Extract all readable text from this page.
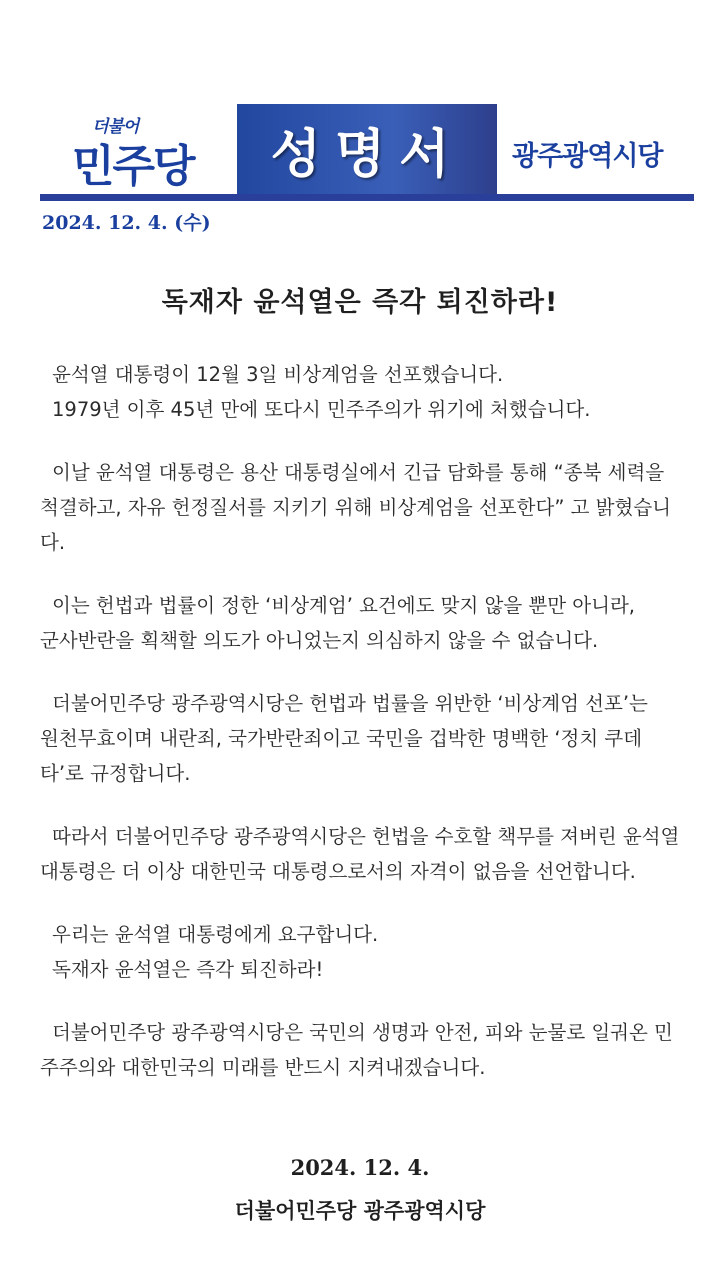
더불어
민주당	성명서	광주광역시당
2024. 12. 4. (수)
독재자 윤석열은 즉각 퇴진하라!
윤석열 대통령이 12월 3일 비상계엄을 선포했습니다.
1979년 이후 45년 만에 또다시 민주주의가 위기에 처했습니다.
이날 윤석열 대통령은 용산 대통령실에서 긴급 담화를 통해 “종북 세력을
척결하고, 자유 헌정질서를 지키기 위해 비상계엄을 선포한다” 고 밝혔습니
다.
이는 헌법과 법률이 정한 ‘비상계엄’ 요건에도 맞지 않을 뿐만 아니라,
군사반란을 획책할 의도가 아니었는지 의심하지 않을 수 없습니다.
더불어민주당 광주광역시당은 헌법과 법률을 위반한 ‘비상계엄 선포’는
원천무효이며 내란죄, 국가반란죄이고 국민을 겁박한 명백한 ‘정치 쿠데
타’로 규정합니다.
따라서 더불어민주당 광주광역시당은 헌법을 수호할 책무를 져버린 윤석열
대통령은 더 이상 대한민국 대통령으로서의 자격이 없음을 선언합니다.
우리는 윤석열 대통령에게 요구합니다.
독재자 윤석열은 즉각 퇴진하라!
더불어민주당 광주광역시당은 국민의 생명과 안전, 피와 눈물로 일궈온 민
주주의와 대한민국의 미래를 반드시 지켜내겠습니다.
2024. 12. 4.
더불어민주당 광주광역시당
